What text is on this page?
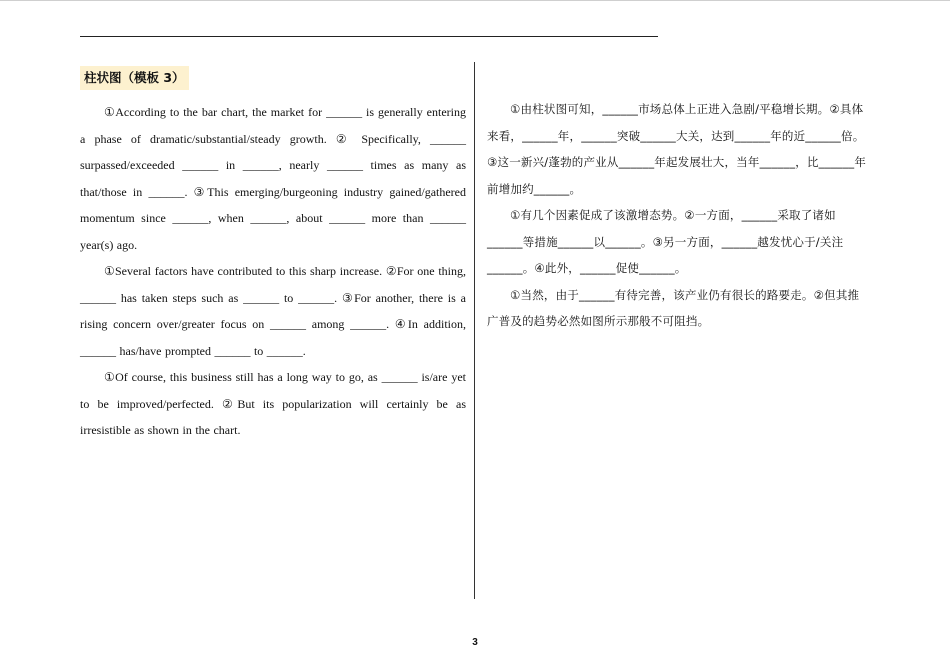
柱状图（模板 3）

①According to the bar chart, the market for ______ is generally entering a phase of dramatic/substantial/steady growth. ② Specifically, ______ surpassed/exceeded ______ in ______, nearly ______ times as many as that/those in ______. ③This emerging/burgeoning industry gained/gathered momentum since ______, when ______, about ______ more than ______ year(s) ago.

①Several factors have contributed to this sharp increase. ②For one thing, ______ has taken steps such as ______ to ______. ③For another, there is a rising concern over/greater focus on ______ among ______. ④In addition, ______ has/have prompted ______ to ______.

①Of course, this business still has a long way to go, as ______ is/are yet to be improved/perfected. ②But its popularization will certainly be as irresistible as shown in the chart.

①由柱状图可知，______市场总体上正进入急剧/平稳增长期。②具体来看，______年，______突破______大关，达到______年的近______倍。③这一新兴/蓬勃的产业从______年起发展壮大，当年______，比______年前增加约______。

①有几个因素促成了该激增态势。②一方面，______采取了诸如______等措施______以______。③另一方面，______越发忧心于/关注______。④此外，______促使______。

①当然，由于______有待完善，该产业仍有很长的路要走。②但其推广普及的趋势必然如图所示那般不可阻挡。

3
